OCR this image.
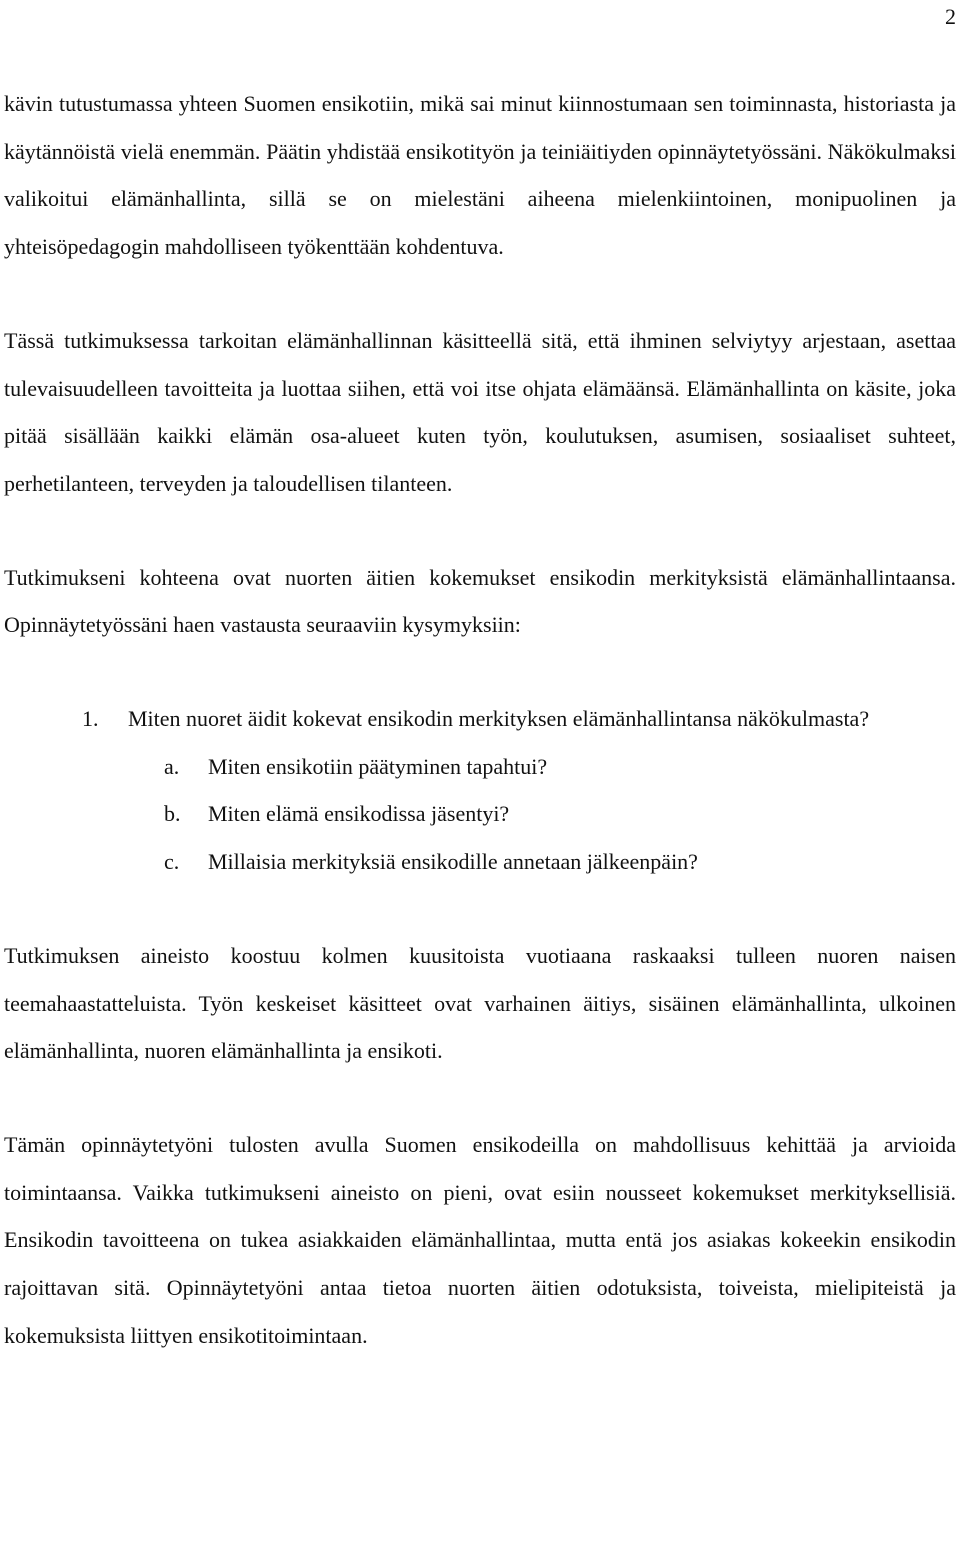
2

kävin tutustumassa yhteen Suomen ensikotiin, mikä sai minut kiinnostumaan sen toiminnasta, historiasta ja käytännöistä vielä enemmän. Päätin yhdistää ensikotityön ja teiniäitiyden opinnäytetyössäni. Näkökulmaksi valikoitui elämänhallinta, sillä se on mielestäni aiheena mielenkiintoinen, monipuolinen ja yhteisöpedagogin mahdolliseen työkenttään kohdentuva.

Tässä tutkimuksessa tarkoitan elämänhallinnan käsitteellä sitä, että ihminen selviytyy arjestaan, asettaa tulevaisuudelleen tavoitteita ja luottaa siihen, että voi itse ohjata elämäänsä. Elämänhallinta on käsite, joka pitää sisällään kaikki elämän osa-alueet kuten työn, koulutuksen, asumisen, sosiaaliset suhteet, perhetilanteen, terveyden ja taloudellisen tilanteen.

Tutkimukseni kohteena ovat nuorten äitien kokemukset ensikodin merkityksistä elämänhallintaansa. Opinnäytetyössäni haen vastausta seuraaviin kysymyksiin:

1. Miten nuoret äidit kokevat ensikodin merkityksen elämänhallintansa näkökulmasta?
a. Miten ensikotiin päätyminen tapahtui?
b. Miten elämä ensikodissa jäsentyi?
c. Millaisia merkityksiä ensikodille annetaan jälkeenpäin?

Tutkimuksen aineisto koostuu kolmen kuusitoista vuotiaana raskaaksi tulleen nuoren naisen teemahaastatteluista. Työn keskeiset käsitteet ovat varhainen äitiys, sisäinen elämänhallinta, ulkoinen elämänhallinta, nuoren elämänhallinta ja ensikoti.

Tämän opinnäytetyöni tulosten avulla Suomen ensikodeilla on mahdollisuus kehittää ja arvioida toimintaansa. Vaikka tutkimukseni aineisto on pieni, ovat esiin nousseet kokemukset merkityksellisiä. Ensikodin tavoitteena on tukea asiakkaiden elämänhallintaa, mutta entä jos asiakas kokeekin ensikodin rajoittavan sitä. Opinnäytetyöni antaa tietoa nuorten äitien odotuksista, toiveista, mielipiteistä ja kokemuksista liittyen ensikotitoimintaan.
